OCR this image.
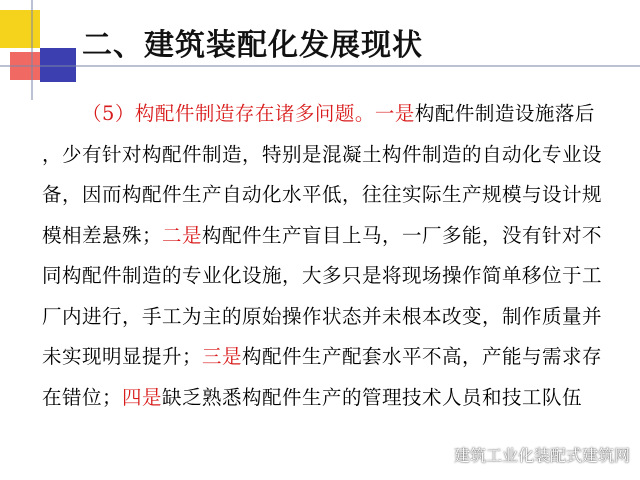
二、建筑装配化发展现状
（5）构配件制造存在诸多问题。一是构配件制造设施落后
，少有针对构配件制造，特别是混凝土构件制造的自动化专业设
备，因而构配件生产自动化水平低，往往实际生产规模与设计规
模相差悬殊；二是构配件生产盲目上马，一厂多能，没有针对不
同构配件制造的专业化设施，大多只是将现场操作简单移位于工
厂内进行，手工为主的原始操作状态并未根本改变，制作质量并
未实现明显提升；三是构配件生产配套水平不高，产能与需求存
在错位；四是缺乏熟悉构配件生产的管理技术人员和技工队伍
建筑工业化装配式建筑网
